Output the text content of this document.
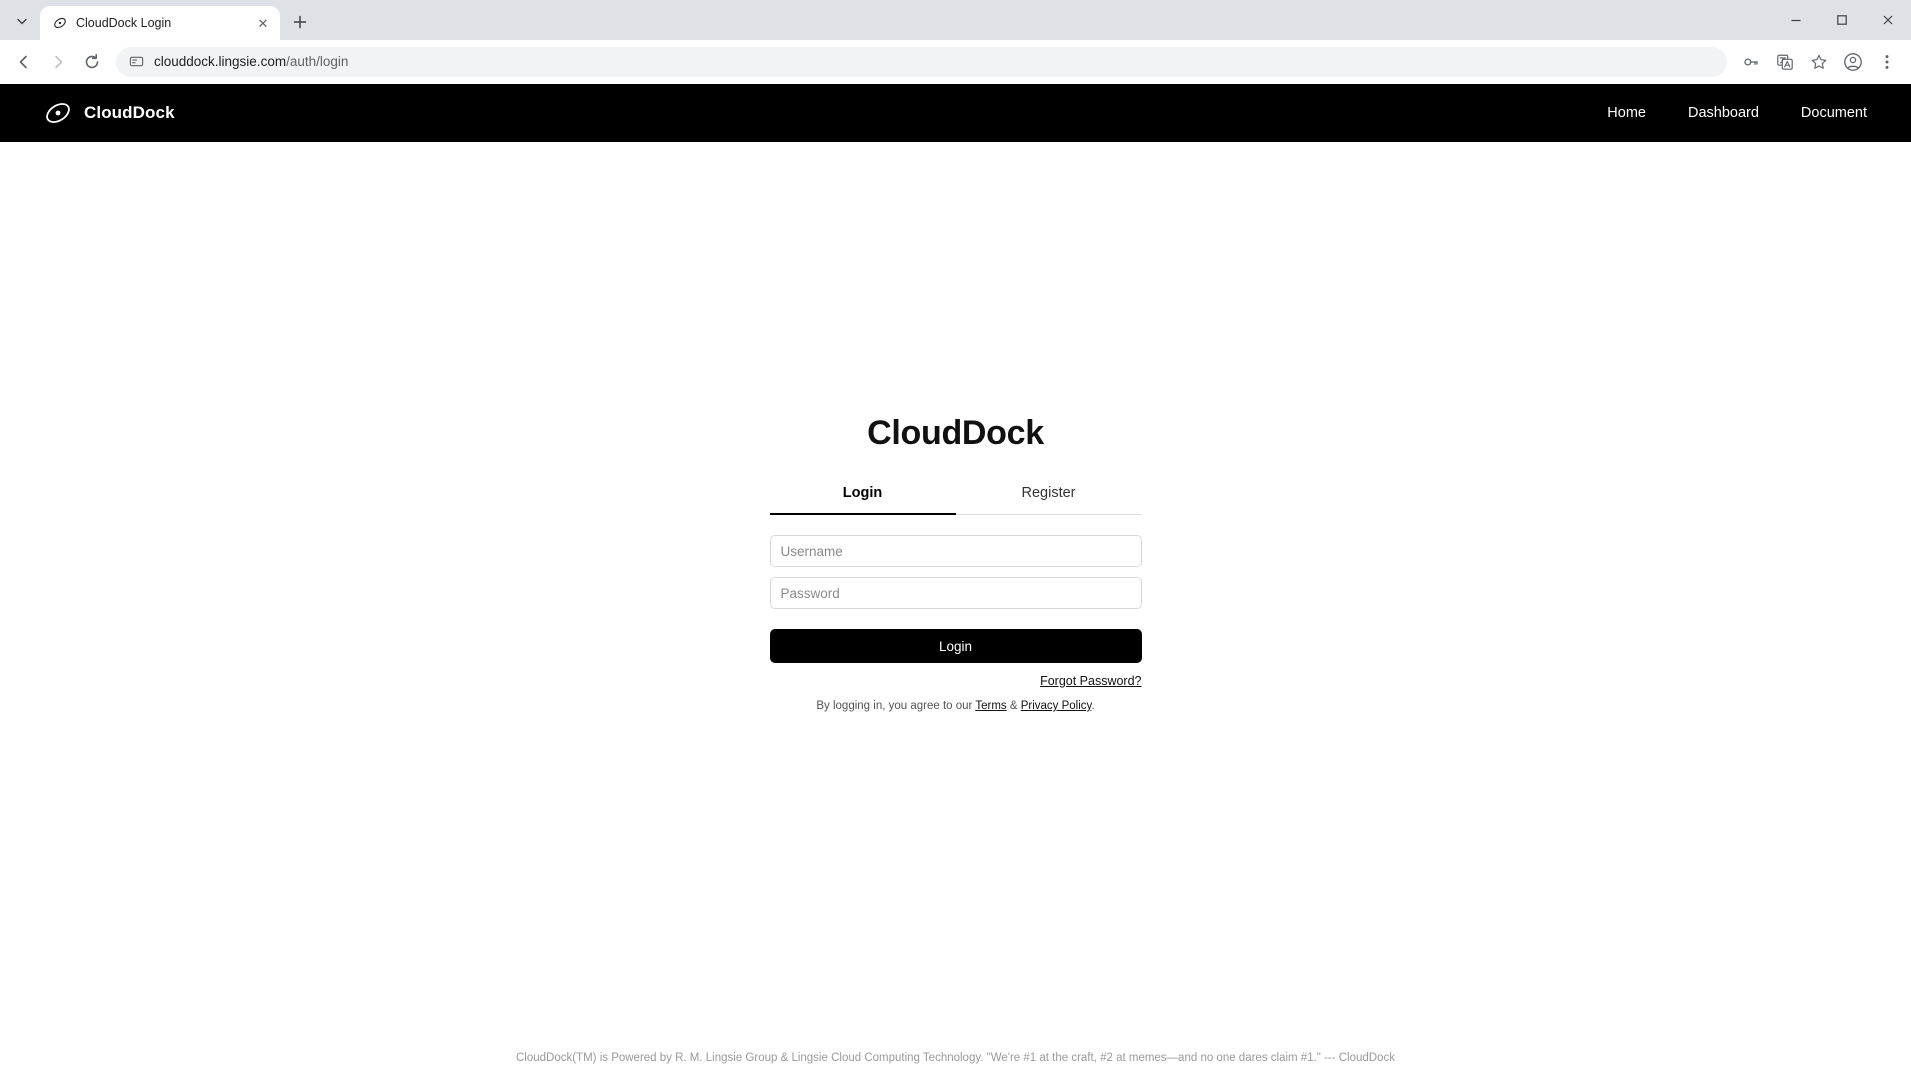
CloudDock Login	✕
clouddock.lingsie.com/auth/login
CloudDock	Home	Dashboard	Document
CloudDock
Login	Register
Username  Login
Forgot Password?
By logging in, you agree to our Terms & Privacy Policy.
CloudDock(TM) is Powered by R. M. Lingsie Group & Lingsie Cloud Computing Technology. "We're #1 at the craft, #2 at memes—and no one dares claim #1." --- CloudDock
